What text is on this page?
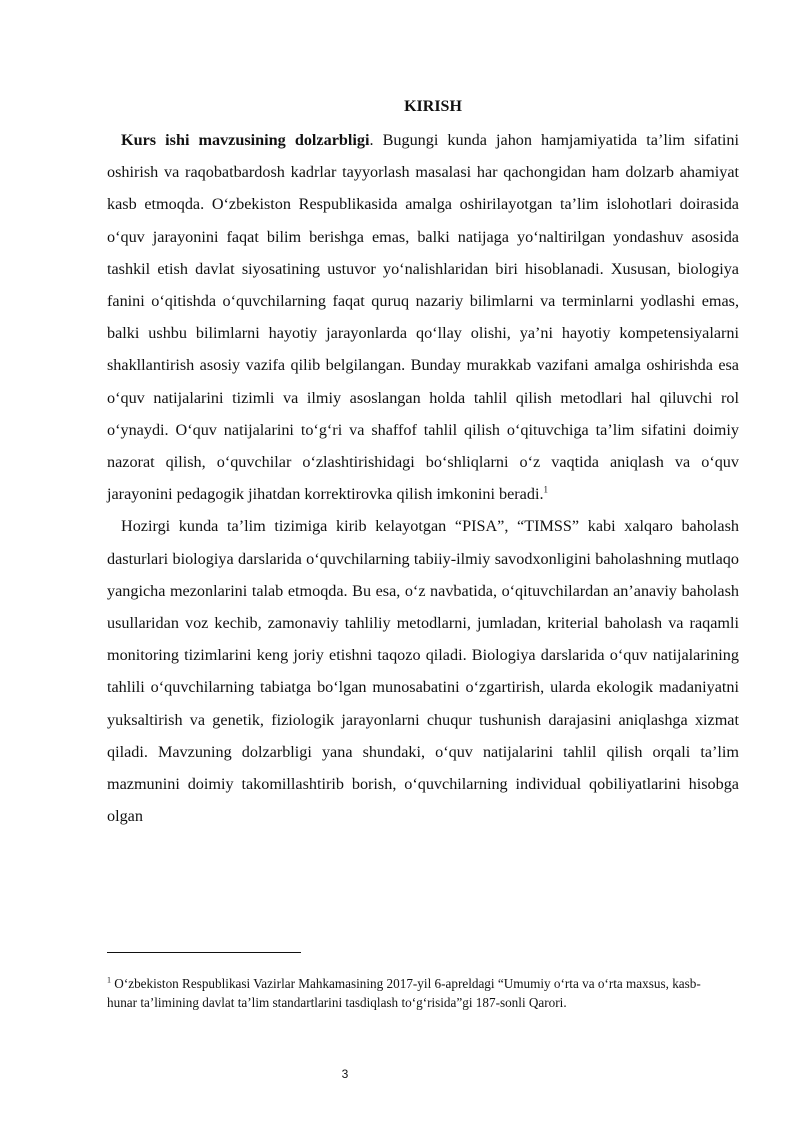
KIRISH

Kurs ishi mavzusining dolzarbligi. Bugungi kunda jahon hamjamiyatida ta’lim sifatini oshirish va raqobatbardosh kadrlar tayyorlash masalasi har qachongidan ham dolzarb ahamiyat kasb etmoqda. O‘zbekiston Respublikasida amalga oshirilayotgan ta’lim islohotlari doirasida o‘quv jarayonini faqat bilim berishga emas, balki natijaga yo‘naltirilgan yondashuv asosida tashkil etish davlat siyosatining ustuvor yo‘nalishlaridan biri hisoblanadi. Xususan, biologiya fanini o‘qitishda o‘quvchilarning faqat quruq nazariy bilimlarni va terminlarni yodlashi emas, balki ushbu bilimlarni hayotiy jarayonlarda qo‘llay olishi, ya’ni hayotiy kompetensiyalarni shakllantirish asosiy vazifa qilib belgilangan. Bunday murakkab vazifani amalga oshirishda esa o‘quv natijalarini tizimli va ilmiy asoslangan holda tahlil qilish metodlari hal qiluvchi rol o‘ynaydi. O‘quv natijalarini to‘g‘ri va shaffof tahlil qilish o‘qituvchiga ta’lim sifatini doimiy nazorat qilish, o‘quvchilar o‘zlashtirishidagi bo‘shliqlarni o‘z vaqtida aniqlash va o‘quv jarayonini pedagogik jihatdan korrektirovka qilish imkonini beradi.$^1$

Hozirgi kunda ta’lim tizimiga kirib kelayotgan “PISA”, “TIMSS” kabi xalqaro baholash dasturlari biologiya darslarida o‘quvchilarning tabiiy-ilmiy savodxonligini baholashning mutlaqo yangicha mezonlarini talab etmoqda. Bu esa, o‘z navbatida, o‘qituvchilardan an’anaviy baholash usullaridan voz kechib, zamonaviy tahliliy metodlarni, jumladan, kriterial baholash va raqamli monitoring tizimlarini keng joriy etishni taqozo qiladi. Biologiya darslarida o‘quv natijalarining tahlili o‘quvchilarning tabiatga bo‘lgan munosabatini o‘zgartirish, ularda ekologik madaniyatni yuksaltirish va genetik, fiziologik jarayonlarni chuqur tushunish darajasini aniqlashga xizmat qiladi. Mavzuning dolzarbligi yana shundaki, o‘quv natijalarini tahlil qilish orqali ta’lim mazmunini doimiy takomillashtirib borish, o‘quvchilarning individual qobiliyatlarini hisobga olgan

$^1$ O‘zbekiston Respublikasi Vazirlar Mahkamasining 2017-yil 6-apreldagi “Umumiy o‘rta va o‘rta maxsus, kasb-hunar ta’limining davlat ta’lim standartlarini tasdiqlash to‘g‘risida”gi 187-sonli Qarori.

3
